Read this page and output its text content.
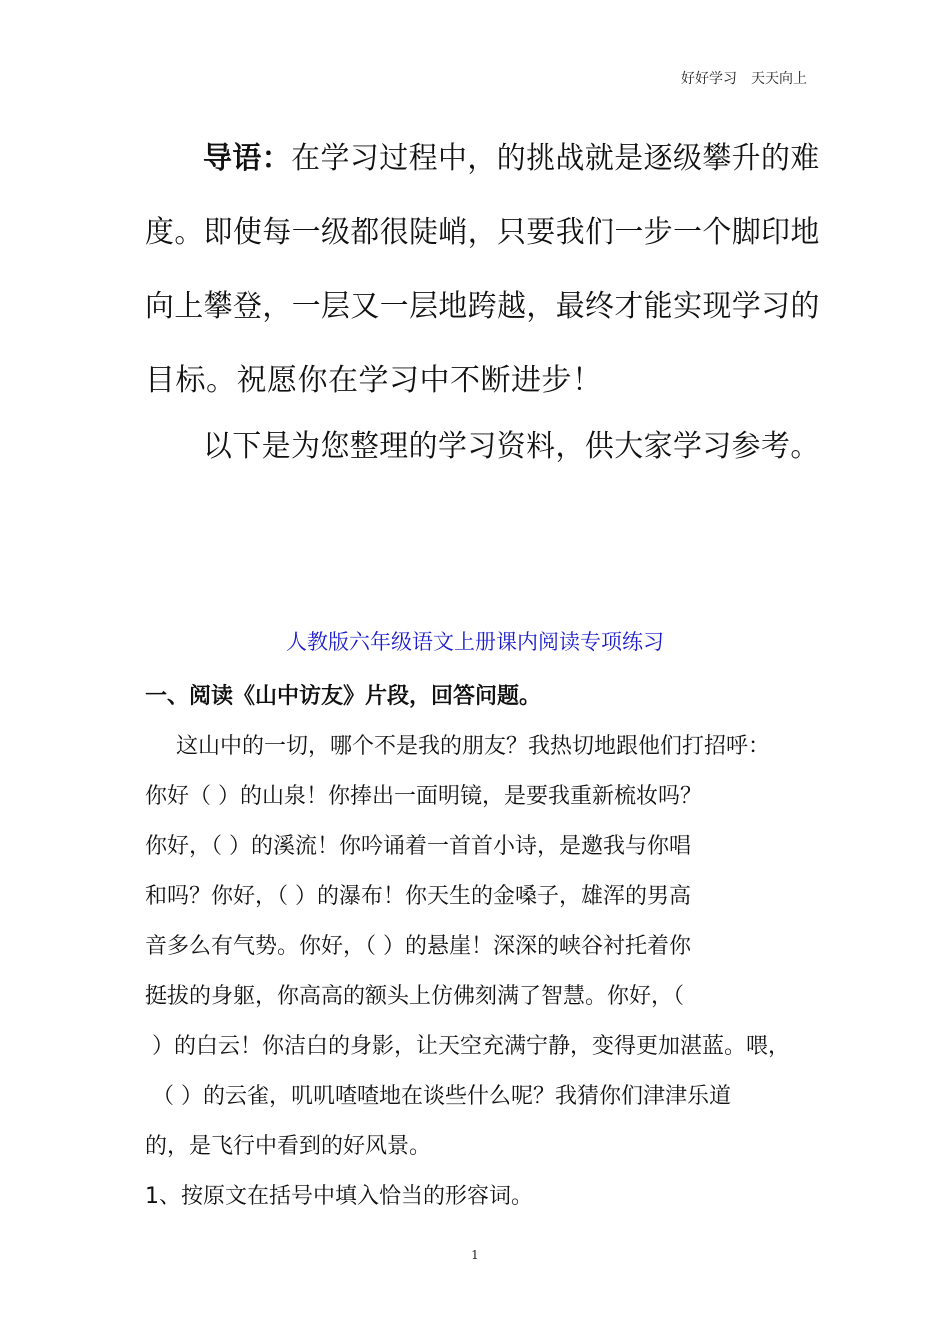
好好学习 天天向上
导语：在学习过程中，的挑战就是逐级攀升的难
度。即使每一级都很陡峭，只要我们一步一个脚印地
向上攀登，一层又一层地跨越，最终才能实现学习的
目标。祝愿你在学习中不断进步！
以下是为您整理的学习资料，供大家学习参考。
人教版六年级语文上册课内阅读专项练习
一、阅读《山中访友》片段，回答问题。
这山中的一切，哪个不是我的朋友？我热切地跟他们打招呼：
你好（ ）的山泉！你捧出一面明镜，是要我重新梳妆吗？
你好，（ ）的溪流！你吟诵着一首首小诗，是邀我与你唱
和吗？你好，（ ）的瀑布！你天生的金嗓子，雄浑的男高
音多么有气势。你好，（ ）的悬崖！深深的峡谷衬托着你
挺拔的身躯，你高高的额头上仿佛刻满了智慧。你好，（
）的白云！你洁白的身影，让天空充满宁静，变得更加湛蓝。喂，
（ ）的云雀，叽叽喳喳地在谈些什么呢？我猜你们津津乐道
的，是飞行中看到的好风景。
1、按原文在括号中填入恰当的形容词。
1
